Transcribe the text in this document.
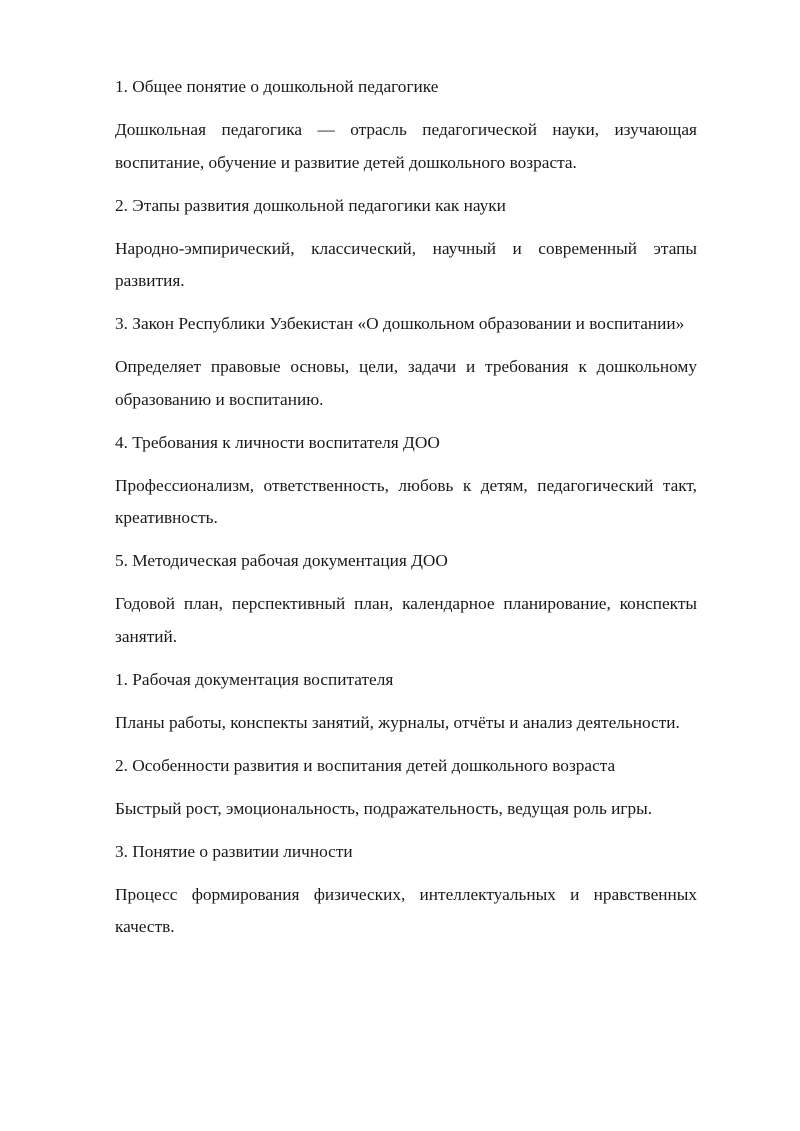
1. Общее понятие о дошкольной педагогике

Дошкольная педагогика — отрасль педагогической науки, изучающая воспитание, обучение и развитие детей дошкольного возраста.

2. Этапы развития дошкольной педагогики как науки

Народно-эмпирический, классический, научный и современный этапы развития.

3. Закон Республики Узбекистан «О дошкольном образовании и воспитании»

Определяет правовые основы, цели, задачи и требования к дошкольному образованию и воспитанию.

4. Требования к личности воспитателя ДОО

Профессионализм, ответственность, любовь к детям, педагогический такт, креативность.

5. Методическая рабочая документация ДОО

Годовой план, перспективный план, календарное планирование, конспекты занятий.

1. Рабочая документация воспитателя

Планы работы, конспекты занятий, журналы, отчёты и анализ деятельности.

2. Особенности развития и воспитания детей дошкольного возраста

Быстрый рост, эмоциональность, подражательность, ведущая роль игры.

3. Понятие о развитии личности

Процесс формирования физических, интеллектуальных и нравственных качеств.
